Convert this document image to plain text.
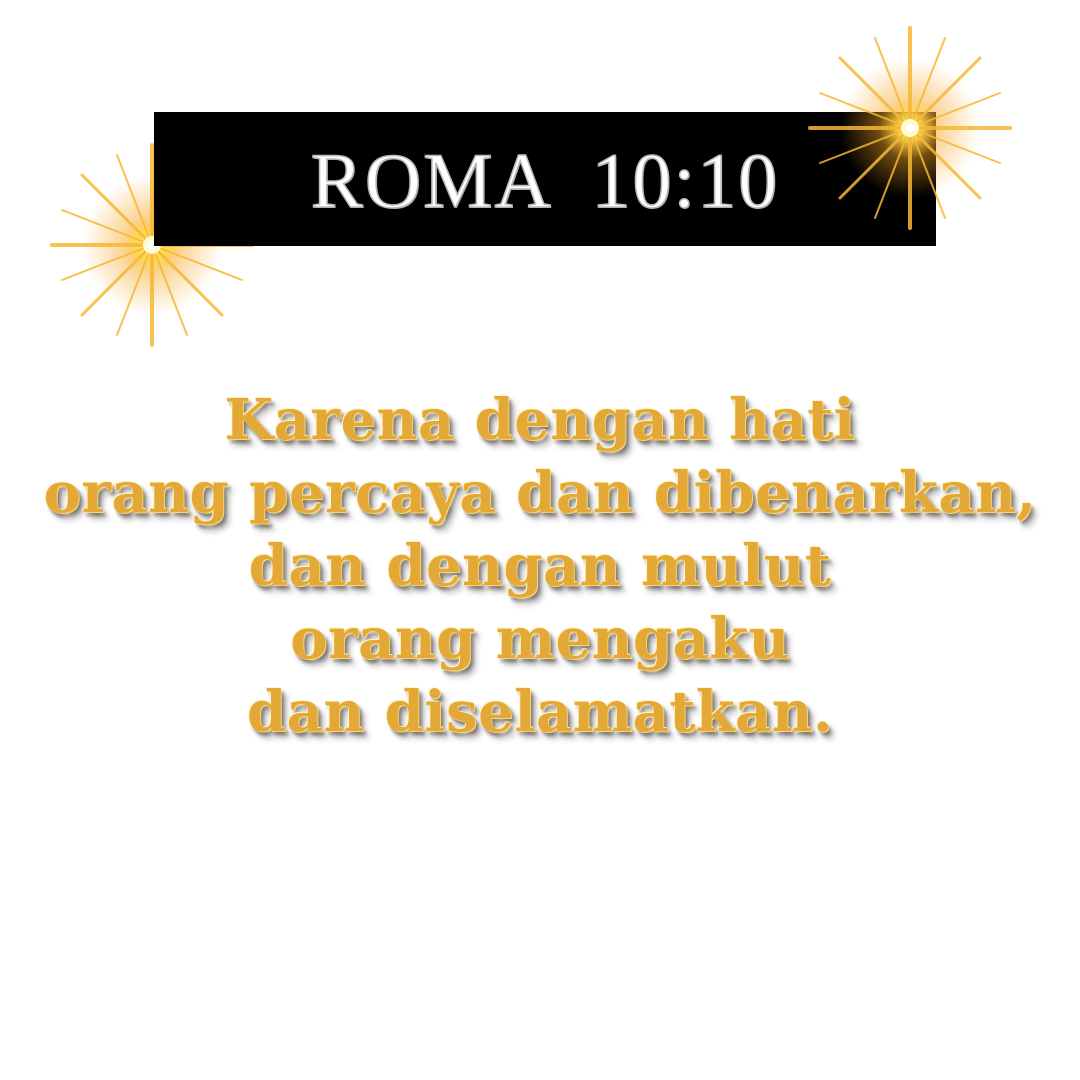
ROMA  10:10
Karena dengan hati
orang percaya dan dibenarkan,
dan dengan mulut
orang mengaku
dan diselamatkan.
